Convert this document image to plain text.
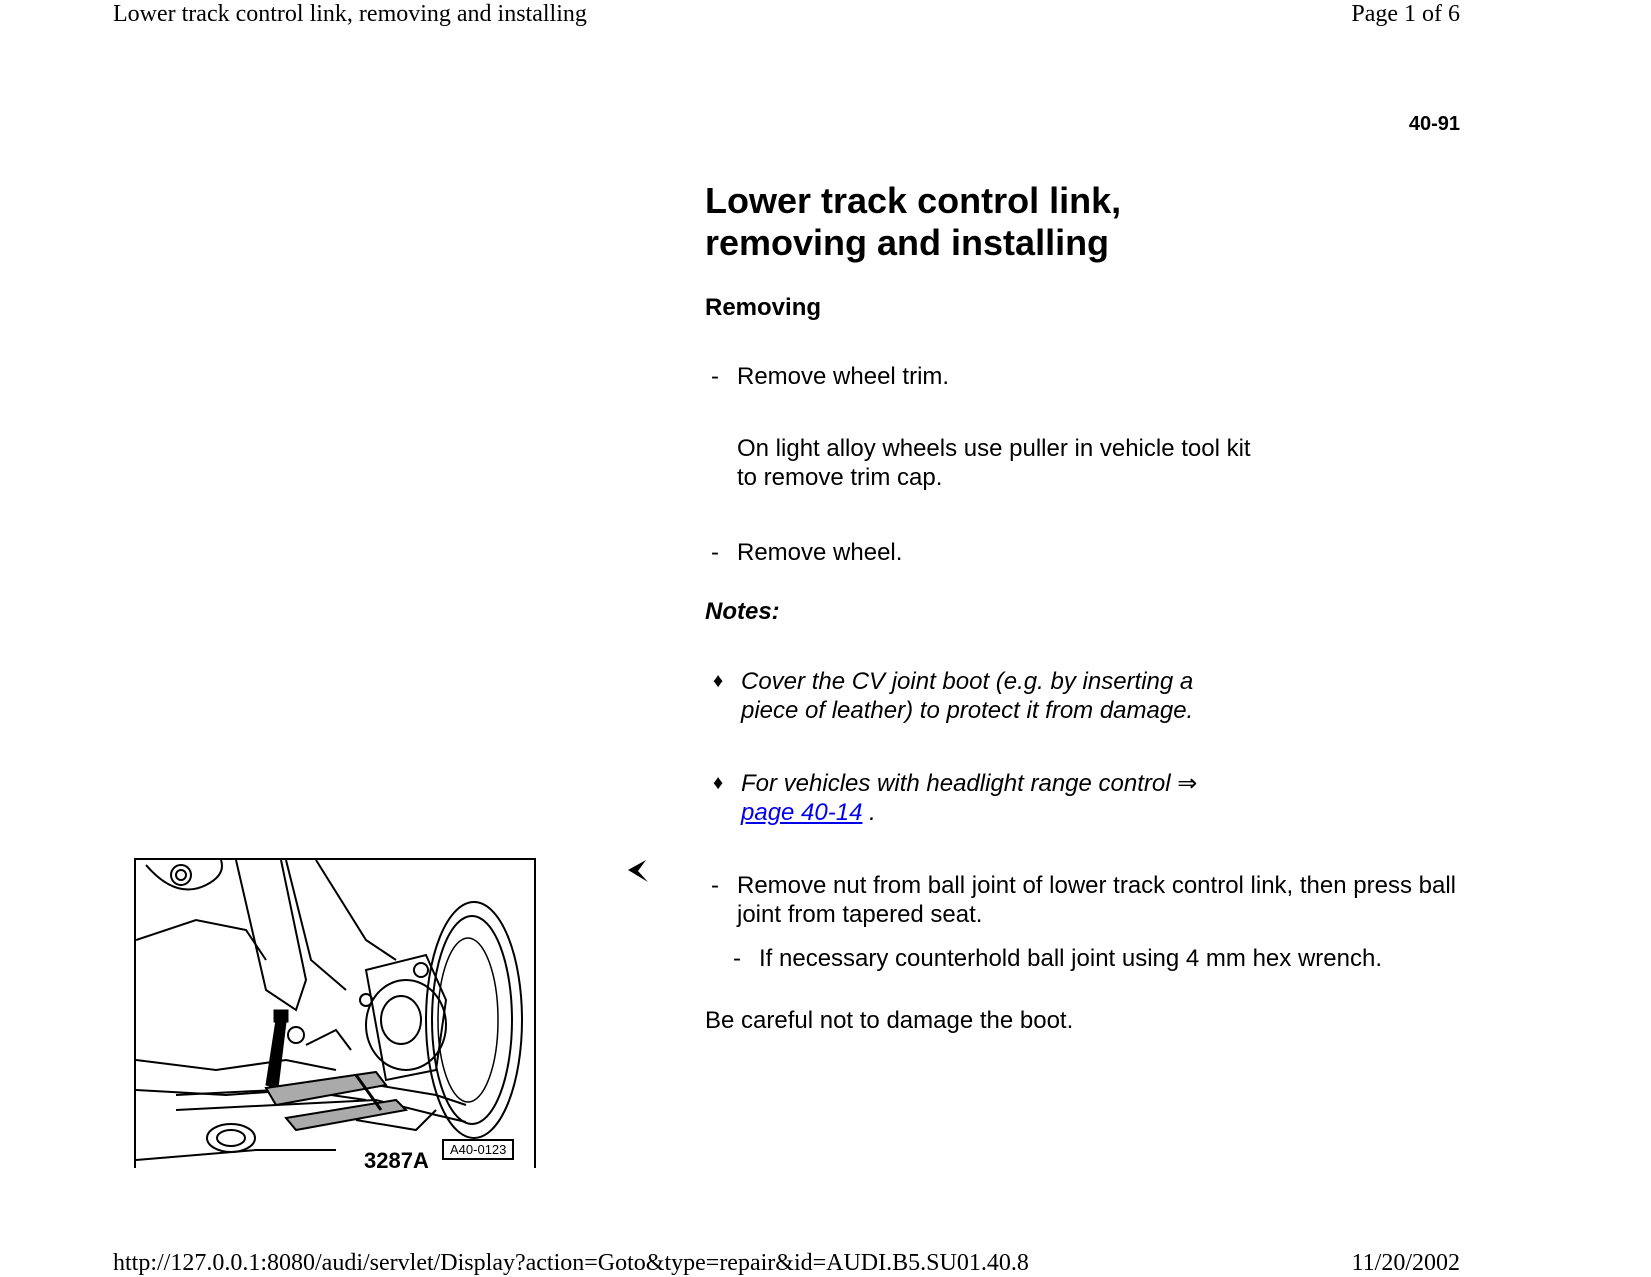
Lower track control link, removing and installing	Page 1 of 6
40-91
Lower track control link,
removing and installing
Removing
- Remove wheel trim.
On light alloy wheels use puller in vehicle tool kit
to remove trim cap.
- Remove wheel.
Notes:
♦ Cover the CV joint boot (e.g. by inserting a
piece of leather) to protect it from damage.
♦ For vehicles with headlight range control ⇒
page 40-14 .
- Remove nut from ball joint of lower track control link, then press ball
joint from tapered seat.
- If necessary counterhold ball joint using 4 mm hex wrench.
Be careful not to damage the boot.
3287A	A40-0123
http://127.0.0.1:8080/audi/servlet/Display?action=Goto&type=repair&id=AUDI.B5.SU01.40.8	11/20/2002
